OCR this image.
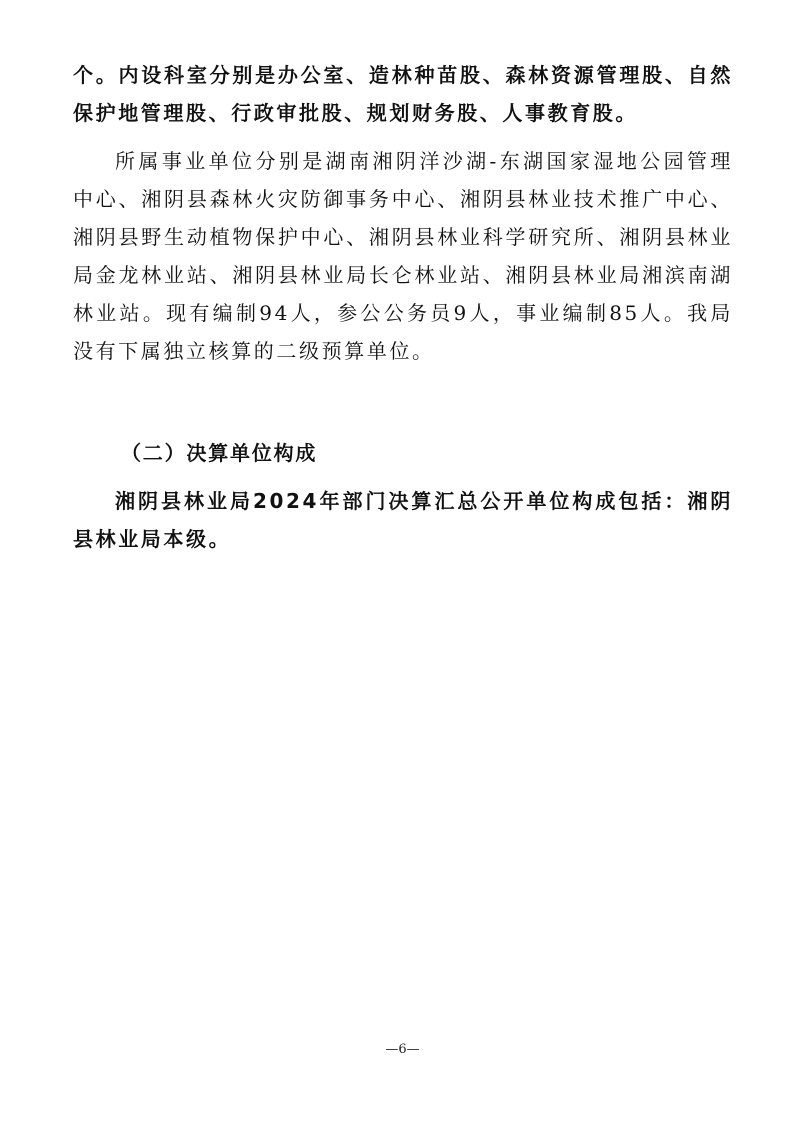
个。内设科室分别是办公室、造林种苗股、森林资源管理股、自然保护地管理股、行政审批股、规划财务股、人事教育股。

所属事业单位分别是湖南湘阴洋沙湖-东湖国家湿地公园管理中心、湘阴县森林火灾防御事务中心、湘阴县林业技术推广中心、湘阴县野生动植物保护中心、湘阴县林业科学研究所、湘阴县林业局金龙林业站、湘阴县林业局长仑林业站、湘阴县林业局湘滨南湖林业站。现有编制94人，参公公务员9人，事业编制85人。我局没有下属独立核算的二级预算单位。

（二）决算单位构成

湘阴县林业局2024年部门决算汇总公开单位构成包括：湘阴县林业局本级。

—6—
